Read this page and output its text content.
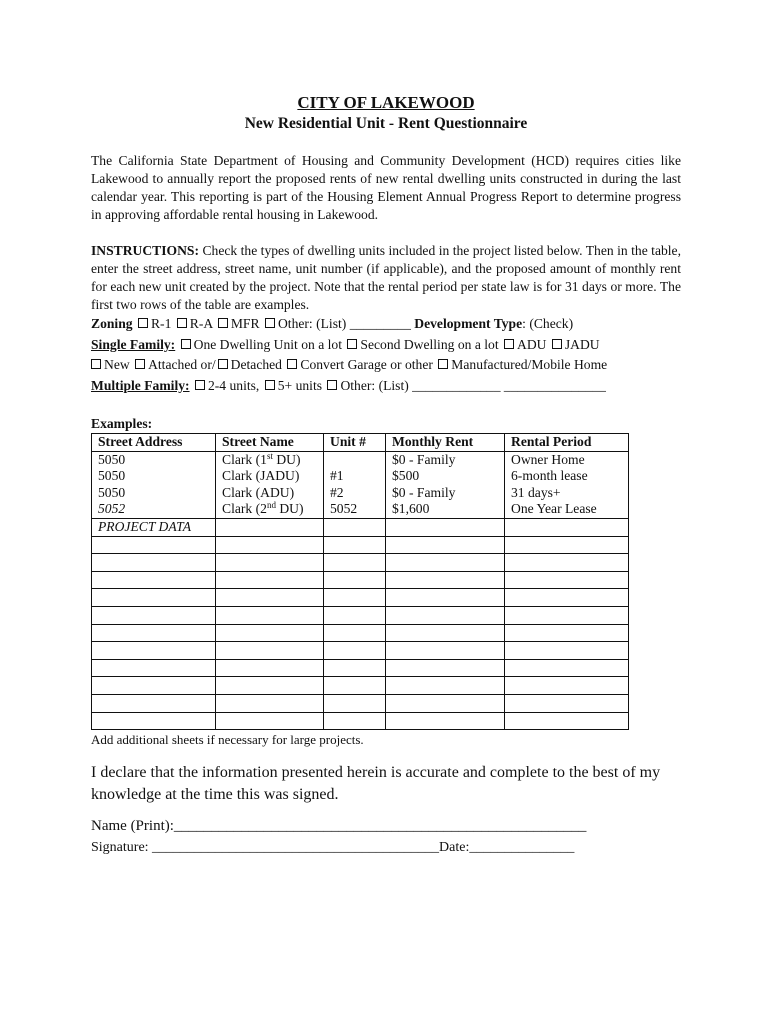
CITY OF LAKEWOOD
New Residential Unit - Rent Questionnaire
The California State Department of Housing and Community Development (HCD) requires cities like Lakewood to annually report the proposed rents of new rental dwelling units constructed in during the last calendar year. This reporting is part of the Housing Element Annual Progress Report to determine progress in approving affordable rental housing in Lakewood.
INSTRUCTIONS: Check the types of dwelling units included in the project listed below. Then in the table, enter the street address, street name, unit number (if applicable), and the proposed amount of monthly rent for each new unit created by the project. Note that the rental period per state law is for 31 days or more. The first two rows of the table are examples.
Zoning R-1 R-A MFR Other: (List) _________ Development Type: (Check)
Single Family: One Dwelling Unit on a lot Second Dwelling on a lot ADU JADU
New Attached or/ Detached Convert Garage or other Manufactured/Mobile Home
Multiple Family: 2-4 units, 5+ units Other: (List) _____________ _______________
Examples:
Street Address	Street Name	Unit #	Monthly Rent	Rental Period
5050	Clark (1st DU)		$0 - Family	Owner Home
5050	Clark (JADU)	#1	$500	6-month lease
5050	Clark (ADU)	#2	$0 - Family	31 days+
5052	Clark (2nd DU)	5052	$1,600	One Year Lease
PROJECT DATA				

Add additional sheets if necessary for large projects.
I declare that the information presented herein is accurate and complete to the best of my knowledge at the time this was signed.
Name (Print):_______________________________________________________
Signature: _________________________________________Date:_______________
